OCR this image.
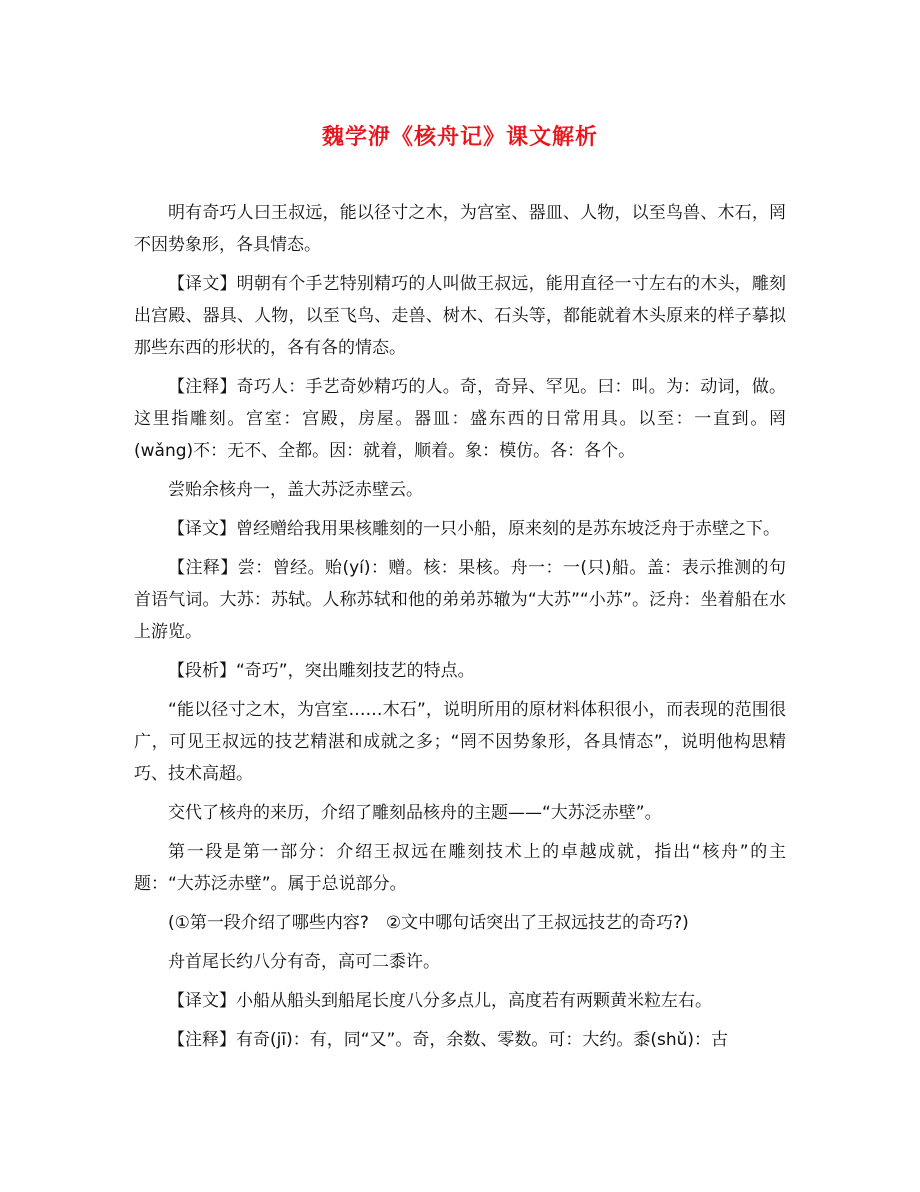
魏学洢《核舟记》课文解析

明有奇巧人曰王叔远，能以径寸之木，为宫室、器皿、人物，以至鸟兽、木石，罔不因势象形，各具情态。

【译文】明朝有个手艺特别精巧的人叫做王叔远，能用直径一寸左右的木头，雕刻出宫殿、器具、人物，以至飞鸟、走兽、树木、石头等，都能就着木头原来的样子摹拟那些东西的形状的，各有各的情态。

【注释】奇巧人：手艺奇妙精巧的人。奇，奇异、罕见。曰：叫。为：动词，做。这里指雕刻。宫室：宫殿，房屋。器皿：盛东西的日常用具。以至：一直到。罔(wǎng)不：无不、全都。因：就着，顺着。象：模仿。各：各个。

尝贻余核舟一，盖大苏泛赤壁云。

【译文】曾经赠给我用果核雕刻的一只小船，原来刻的是苏东坡泛舟于赤壁之下。

【注释】尝：曾经。贻(yí)：赠。核：果核。舟一：一(只)船。盖：表示推测的句首语气词。大苏：苏轼。人称苏轼和他的弟弟苏辙为“大苏”“小苏”。泛舟：坐着船在水上游览。

【段析】“奇巧”，突出雕刻技艺的特点。

“能以径寸之木，为宫室……木石”，说明所用的原材料体积很小，而表现的范围很广，可见王叔远的技艺精湛和成就之多；“罔不因势象形，各具情态”，说明他构思精巧、技术高超。

交代了核舟的来历，介绍了雕刻品核舟的主题——“大苏泛赤壁”。

第一段是第一部分：介绍王叔远在雕刻技术上的卓越成就，指出“核舟”的主题：“大苏泛赤壁”。属于总说部分。

(①第一段介绍了哪些内容?　②文中哪句话突出了王叔远技艺的奇巧?)

舟首尾长约八分有奇，高可二黍许。

【译文】小船从船头到船尾长度八分多点儿，高度若有两颗黄米粒左右。

【注释】有奇(jī)：有，同“又”。奇，余数、零数。可：大约。黍(shǔ)：古
